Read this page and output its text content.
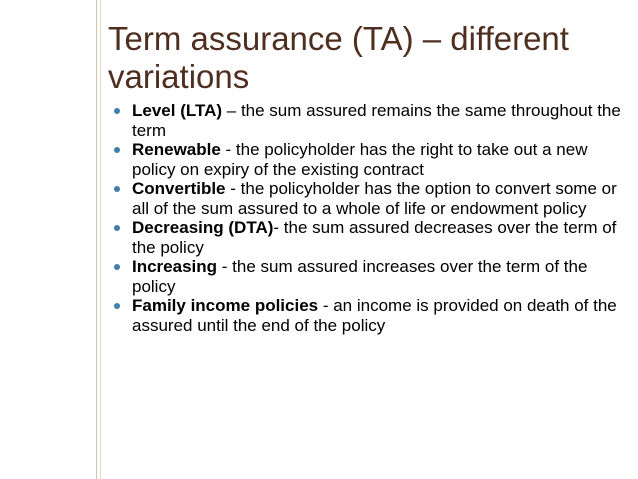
Term assurance (TA) – different variations
Level (LTA) – the sum assured remains the same throughout the term
Renewable - the policyholder has the right to take out a new policy on expiry of the existing contract
Convertible - the policyholder has the option to convert some or all of the sum assured to a whole of life or endowment policy
Decreasing (DTA)- the sum assured decreases over the term of the policy
Increasing - the sum assured increases over the term of the policy
Family income policies - an income is provided on death of the assured until the end of the policy
